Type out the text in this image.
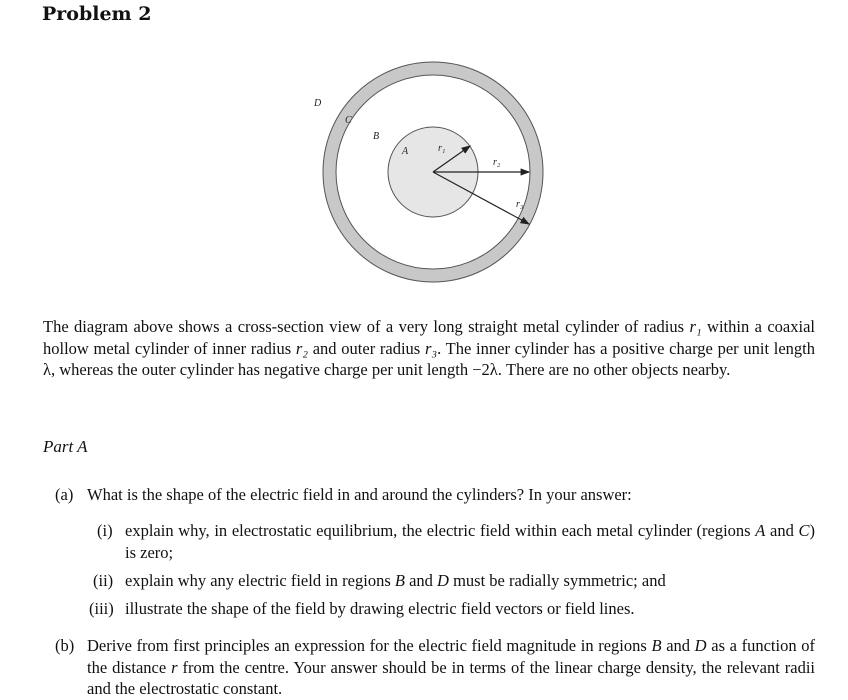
Problem 2
D
C
B
A	r₁
r₂
r₃
The diagram above shows a cross-section view of a very long straight metal cylinder of radius r₁ within a coaxial hollow metal cylinder of inner radius r₂ and outer radius r₃. The inner cylinder has a positive charge per unit length λ, whereas the outer cylinder has negative charge per unit length −2λ. There are no other objects nearby.
Part A
(a) What is the shape of the electric field in and around the cylinders? In your answer:
(i) explain why, in electrostatic equilibrium, the electric field within each metal cylinder (regions A and C) is zero;
(ii) explain why any electric field in regions B and D must be radially symmetric; and
(iii) illustrate the shape of the field by drawing electric field vectors or field lines.
(b) Derive from first principles an expression for the electric field magnitude in regions B and D as a function of the distance r from the centre. Your answer should be in terms of the linear charge density, the relevant radii and the electrostatic constant.
